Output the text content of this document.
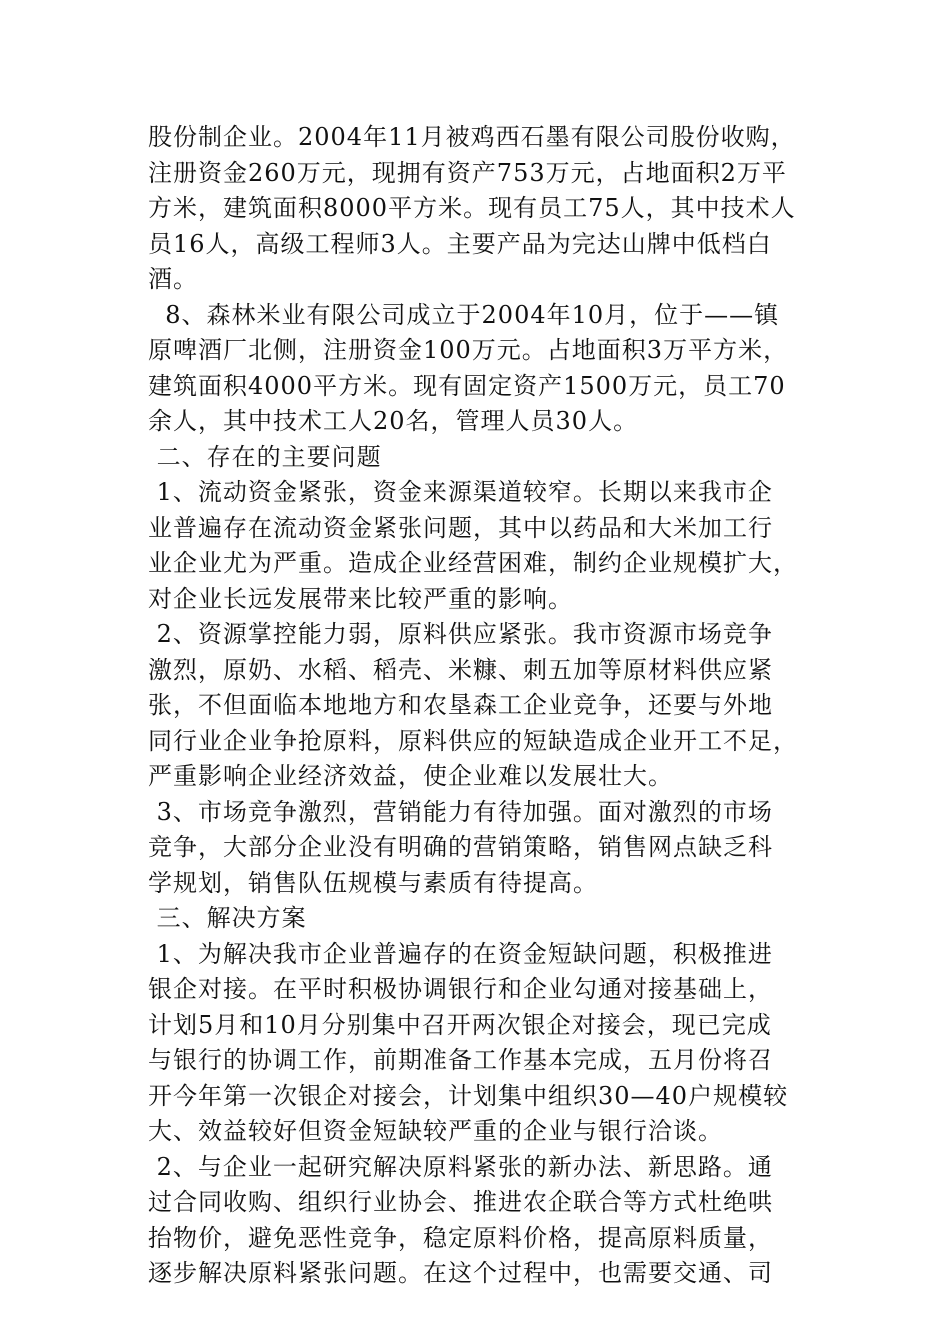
股份制企业。2004年11月被鸡西石墨有限公司股份收购，
注册资金260万元，现拥有资产753万元，占地面积2万平
方米，建筑面积8000平方米。现有员工75人，其中技术人
员16人，高级工程师3人。主要产品为完达山牌中低档白
酒。
8、森林米业有限公司成立于2004年10月，位于——镇
原啤酒厂北侧，注册资金100万元。占地面积3万平方米，
建筑面积4000平方米。现有固定资产1500万元，员工70
余人，其中技术工人20名，管理人员30人。
二、存在的主要问题
1、流动资金紧张，资金来源渠道较窄。长期以来我市企
业普遍存在流动资金紧张问题，其中以药品和大米加工行
业企业尤为严重。造成企业经营困难，制约企业规模扩大，
对企业长远发展带来比较严重的影响。
2、资源掌控能力弱，原料供应紧张。我市资源市场竞争
激烈，原奶、水稻、稻壳、米糠、刺五加等原材料供应紧
张，不但面临本地地方和农垦森工企业竞争，还要与外地
同行业企业争抢原料，原料供应的短缺造成企业开工不足，
严重影响企业经济效益，使企业难以发展壮大。
3、市场竞争激烈，营销能力有待加强。面对激烈的市场
竞争，大部分企业没有明确的营销策略，销售网点缺乏科
学规划，销售队伍规模与素质有待提高。
三、解决方案
1、为解决我市企业普遍存的在资金短缺问题，积极推进
银企对接。在平时积极协调银行和企业勾通对接基础上，
计划5月和10月分别集中召开两次银企对接会，现已完成
与银行的协调工作，前期准备工作基本完成，五月份将召
开今年第一次银企对接会，计划集中组织30—40户规模较
大、效益较好但资金短缺较严重的企业与银行洽谈。
2、与企业一起研究解决原料紧张的新办法、新思路。通
过合同收购、组织行业协会、推进农企联合等方式杜绝哄
抬物价，避免恶性竞争，稳定原料价格，提高原料质量，
逐步解决原料紧张问题。在这个过程中，也需要交通、司
